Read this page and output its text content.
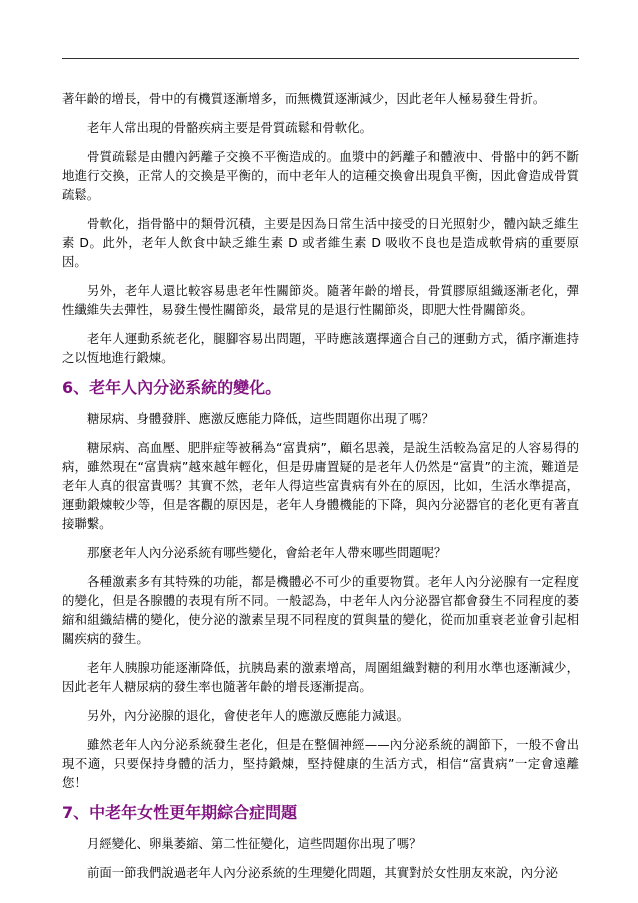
著年齡的增長，骨中的有機質逐漸增多，而無機質逐漸減少，因此老年人極易發生骨折。

老年人常出現的骨骼疾病主要是骨質疏鬆和骨軟化。

骨質疏鬆是由體內鈣離子交換不平衡造成的。血漿中的鈣離子和體液中、骨骼中的鈣不斷地進行交換，正常人的交換是平衡的，而中老年人的這種交換會出現負平衡，因此會造成骨質疏鬆。

骨軟化，指骨骼中的類骨沉積，主要是因為日常生活中接受的日光照射少，體內缺乏維生素 D。此外，老年人飲食中缺乏維生素 D 或者維生素 D 吸收不良也是造成軟骨病的重要原因。

另外，老年人還比較容易患老年性關節炎。隨著年齡的增長，骨質膠原組織逐漸老化，彈性纖維失去彈性，易發生慢性關節炎，最常見的是退行性關節炎，即肥大性骨關節炎。

老年人運動系統老化，腿腳容易出問題，平時應該選擇適合自己的運動方式，循序漸進持之以恆地進行鍛煉。

6、老年人內分泌系統的變化。

糖尿病、身體發胖、應激反應能力降低，這些問題你出現了嗎？

糖尿病、高血壓、肥胖症等被稱為“富貴病”，顧名思義，是說生活較為富足的人容易得的病，雖然現在“富貴病”越來越年輕化，但是毋庸置疑的是老年人仍然是“富貴”的主流，難道是老年人真的很富貴嗎？其實不然，老年人得這些富貴病有外在的原因，比如，生活水準提高，運動鍛煉較少等，但是客觀的原因是，老年人身體機能的下降，與內分泌器官的老化更有著直接聯繫。

那麼老年人內分泌系統有哪些變化，會給老年人帶來哪些問題呢？

各種激素多有其特殊的功能，都是機體必不可少的重要物質。老年人內分泌腺有一定程度的變化，但是各腺體的表現有所不同。一般認為，中老年人內分泌器官都會發生不同程度的萎縮和組織結構的變化，使分泌的激素呈現不同程度的質與量的變化，從而加重衰老並會引起相關疾病的發生。

老年人胰腺功能逐漸降低，抗胰島素的激素增高，周圍組織對糖的利用水準也逐漸減少，因此老年人糖尿病的發生率也隨著年齡的增長逐漸提高。

另外，內分泌腺的退化，會使老年人的應激反應能力減退。

雖然老年人內分泌系統發生老化，但是在整個神經——內分泌系統的調節下，一般不會出現不適，只要保持身體的活力，堅持鍛煉，堅持健康的生活方式，相信“富貴病”一定會遠離您！

7、中老年女性更年期綜合症問題

月經變化、卵巢萎縮、第二性征變化，這些問題你出現了嗎？

前面一節我們說過老年人內分泌系統的生理變化問題，其實對於女性朋友來說，內分泌
